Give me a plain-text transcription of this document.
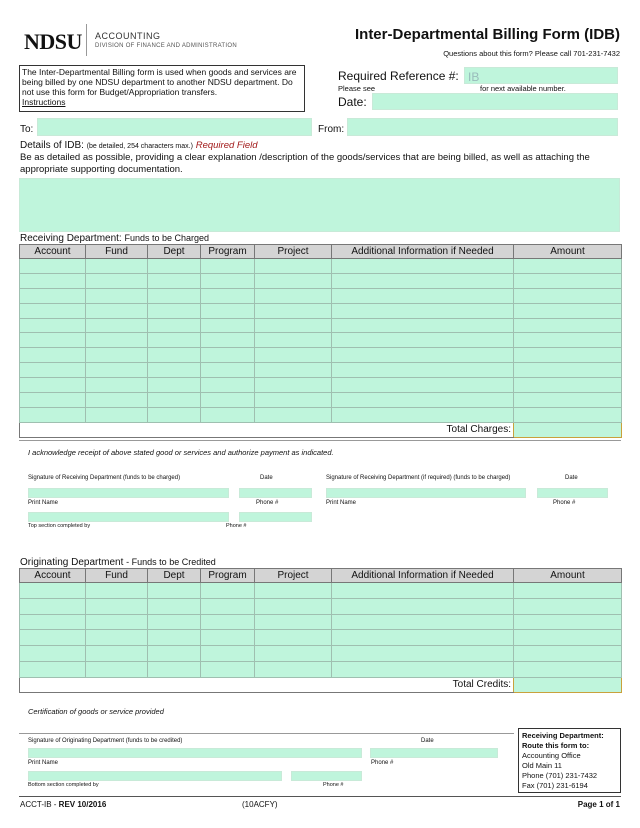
NDSU ACCOUNTING
DIVISION OF FINANCE AND ADMINISTRATION
Inter-Departmental Billing Form (IDB)
Questions about this form? Please call 701-231-7432
The Inter-Departmental Billing form is used when goods and services are being billed by one NDSU department to another NDSU department. Do not use this form for Budget/Appropriation transfers.
Instructions
Required Reference #: IB
Please see	for next available number.
Date:
To:	From:
Details of IDB: (be detailed, 254 characters max.) Required Field
Be as detailed as possible, providing a clear explanation /description of the goods/services that are being billed, as well as attaching the appropriate supporting documentation.
Receiving Department: Funds to be Charged
Account	Fund	Dept	Program	Project	Additional Information if Needed	Amount

Total Charges:						
I acknowledge receipt of above stated good or services and authorize payment as indicated.
Signature of Receiving Department (funds to be charged)	Date	Signature of Receiving Department (if required) (funds to be charged)	Date
Print Name	Phone #	Print Name	Phone #
Top section completed by	Phone #
Originating Department - Funds to be Credited
Account	Fund	Dept	Program	Project	Additional Information if Needed	Amount

Total Credits:						
Certification of goods or service provided
Signature of Originating Department (funds to be credited)	Date
Print Name	Phone #
Bottom section completed by	Phone #
Receiving Department:
Route this form to:
Accounting Office
Old Main 11
Phone (701) 231-7432
Fax (701) 231-6194
ACCT-IB - REV 10/2016	(10ACFY)	Page 1 of 1
